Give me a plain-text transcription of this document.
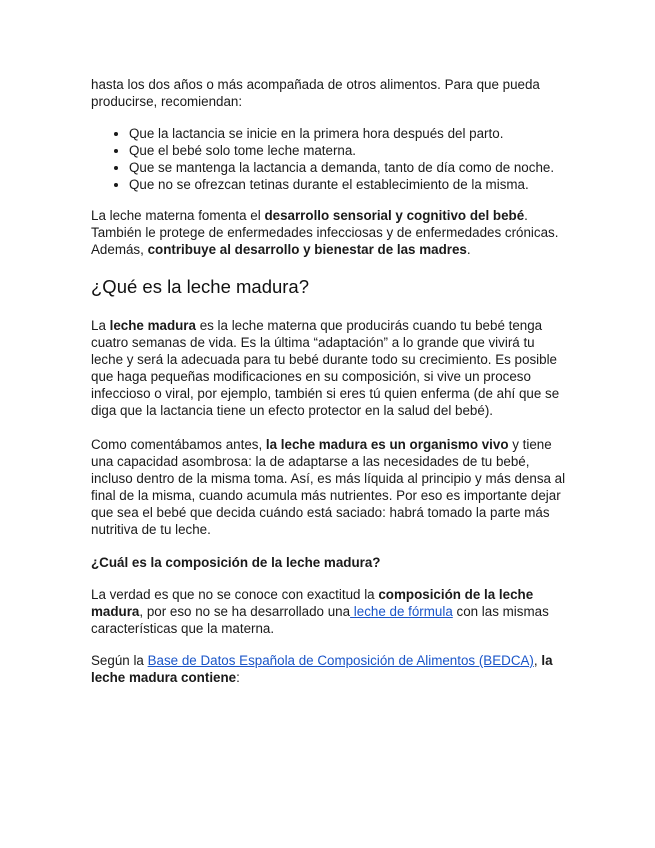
hasta los dos años o más acompañada de otros alimentos. Para que pueda producirse, recomiendan:

• Que la lactancia se inicie en la primera hora después del parto.
• Que el bebé solo tome leche materna.
• Que se mantenga la lactancia a demanda, tanto de día como de noche.
• Que no se ofrezcan tetinas durante el establecimiento de la misma.

La leche materna fomenta el desarrollo sensorial y cognitivo del bebé. También le protege de enfermedades infecciosas y de enfermedades crónicas. Además, contribuye al desarrollo y bienestar de las madres.

¿Qué es la leche madura?

La leche madura es la leche materna que producirás cuando tu bebé tenga cuatro semanas de vida. Es la última “adaptación” a lo grande que vivirá tu leche y será la adecuada para tu bebé durante todo su crecimiento. Es posible que haga pequeñas modificaciones en su composición, si vive un proceso infeccioso o viral, por ejemplo, también si eres tú quien enferma (de ahí que se diga que la lactancia tiene un efecto protector en la salud del bebé).

Como comentábamos antes, la leche madura es un organismo vivo y tiene una capacidad asombrosa: la de adaptarse a las necesidades de tu bebé, incluso dentro de la misma toma. Así, es más líquida al principio y más densa al final de la misma, cuando acumula más nutrientes. Por eso es importante dejar que sea el bebé que decida cuándo está saciado: habrá tomado la parte más nutritiva de tu leche.

¿Cuál es la composición de la leche madura?

La verdad es que no se conoce con exactitud la composición de la leche madura, por eso no se ha desarrollado una leche de fórmula con las mismas características que la materna.

Según la Base de Datos Española de Composición de Alimentos (BEDCA), la leche madura contiene:
